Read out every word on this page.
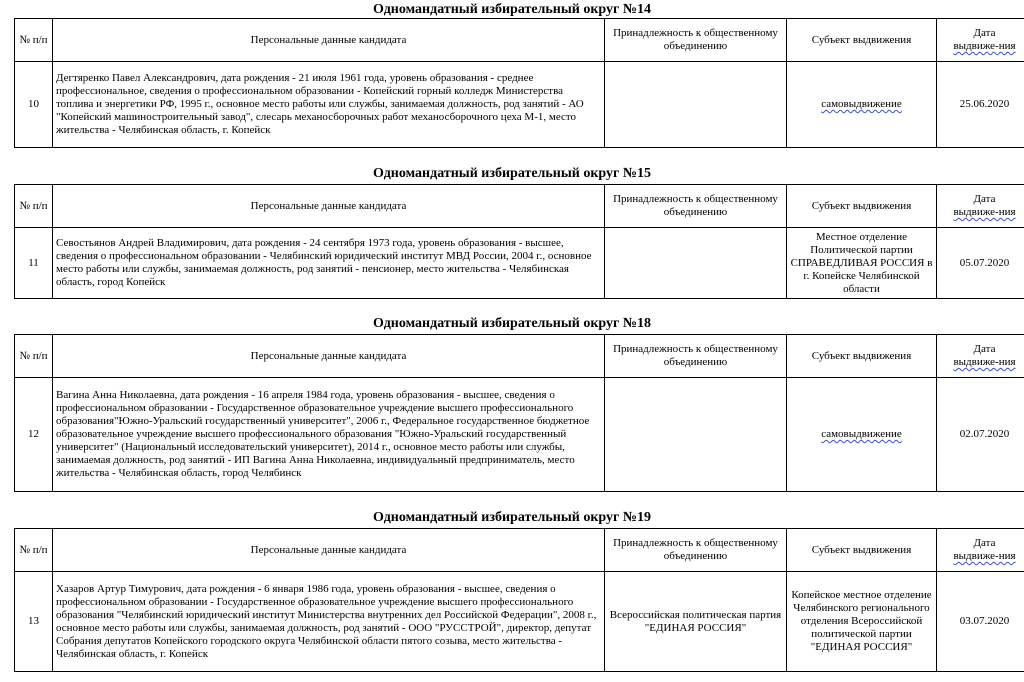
Одномандатный избирательный округ №14
№ п/п	Персональные данные кандидата	Принадлежность к общественному объединению	Субъект выдвижения	Дата
выдвиже-ния
10	Дегтяренко Павел Александрович, дата рождения - 21 июля 1961 года, уровень образования - среднее профессиональное, сведения о профессиональном образовании - Копейский горный колледж Министерства топлива и энергетики РФ, 1995 г., основное место работы или службы, занимаемая должность, род занятий - АО "Копейский машиностроительный завод", слесарь механосборочных работ механосборочного цеха М-1, место жительства - Челябинская область, г. Копейск		самовыдвижение	25.06.2020
Одномандатный избирательный округ №15
№ п/п	Персональные данные кандидата	Принадлежность к общественному объединению	Субъект выдвижения	Дата
выдвиже-ния
11	Севостьянов Андрей Владимирович, дата рождения - 24 сентября 1973 года, уровень образования - высшее, сведения о профессиональном образовании - Челябинский юридический институт МВД России, 2004 г., основное место работы или службы, занимаемая должность, род занятий - пенсионер, место жительства - Челябинская область, город Копейск		Местное отделение Политической партии СПРАВЕДЛИВАЯ РОССИЯ в г. Копейске Челябинской области	05.07.2020
Одномандатный избирательный округ №18
№ п/п	Персональные данные кандидата	Принадлежность к общественному объединению	Субъект выдвижения	Дата
выдвиже-ния
12	Вагина Анна Николаевна, дата рождения - 16 апреля 1984 года, уровень образования - высшее, сведения о профессиональном образовании - Государственное образовательное учреждение высшего профессионального образования"Южно-Уральский государственный университет", 2006 г., Федеральное государственное бюджетное образовательное учреждение высшего профессионального образования "Южно-Уральский государственный университет" (Национальный исследовательский университет), 2014 г., основное место работы или службы, занимаемая должность, род занятий - ИП Вагина Анна Николаевна, индивидуальный предприниматель, место жительства - Челябинская область, город Челябинск		самовыдвижение	02.07.2020
Одномандатный избирательный округ №19
№ п/п	Персональные данные кандидата	Принадлежность к общественному объединению	Субъект выдвижения	Дата
выдвиже-ния
13	Хазаров Артур Тимурович, дата рождения - 6 января 1986 года, уровень образования - высшее, сведения о профессиональном образовании - Государственное образовательное учреждение высшего профессионального образования "Челябинский юридический институт Министерства внутренних дел Российской Федерации", 2008 г., основное место работы или службы, занимаемая должность, род занятий - ООО "РУССТРОЙ", директор, депутат Собрания депутатов Копейского городского округа Челябинской области пятого созыва, место жительства - Челябинская область, г. Копейск	Всероссийская политическая партия "ЕДИНАЯ РОССИЯ"	Копейское местное отделение Челябинского регионального отделения Всероссийской политической партии "ЕДИНАЯ РОССИЯ"	03.07.2020
